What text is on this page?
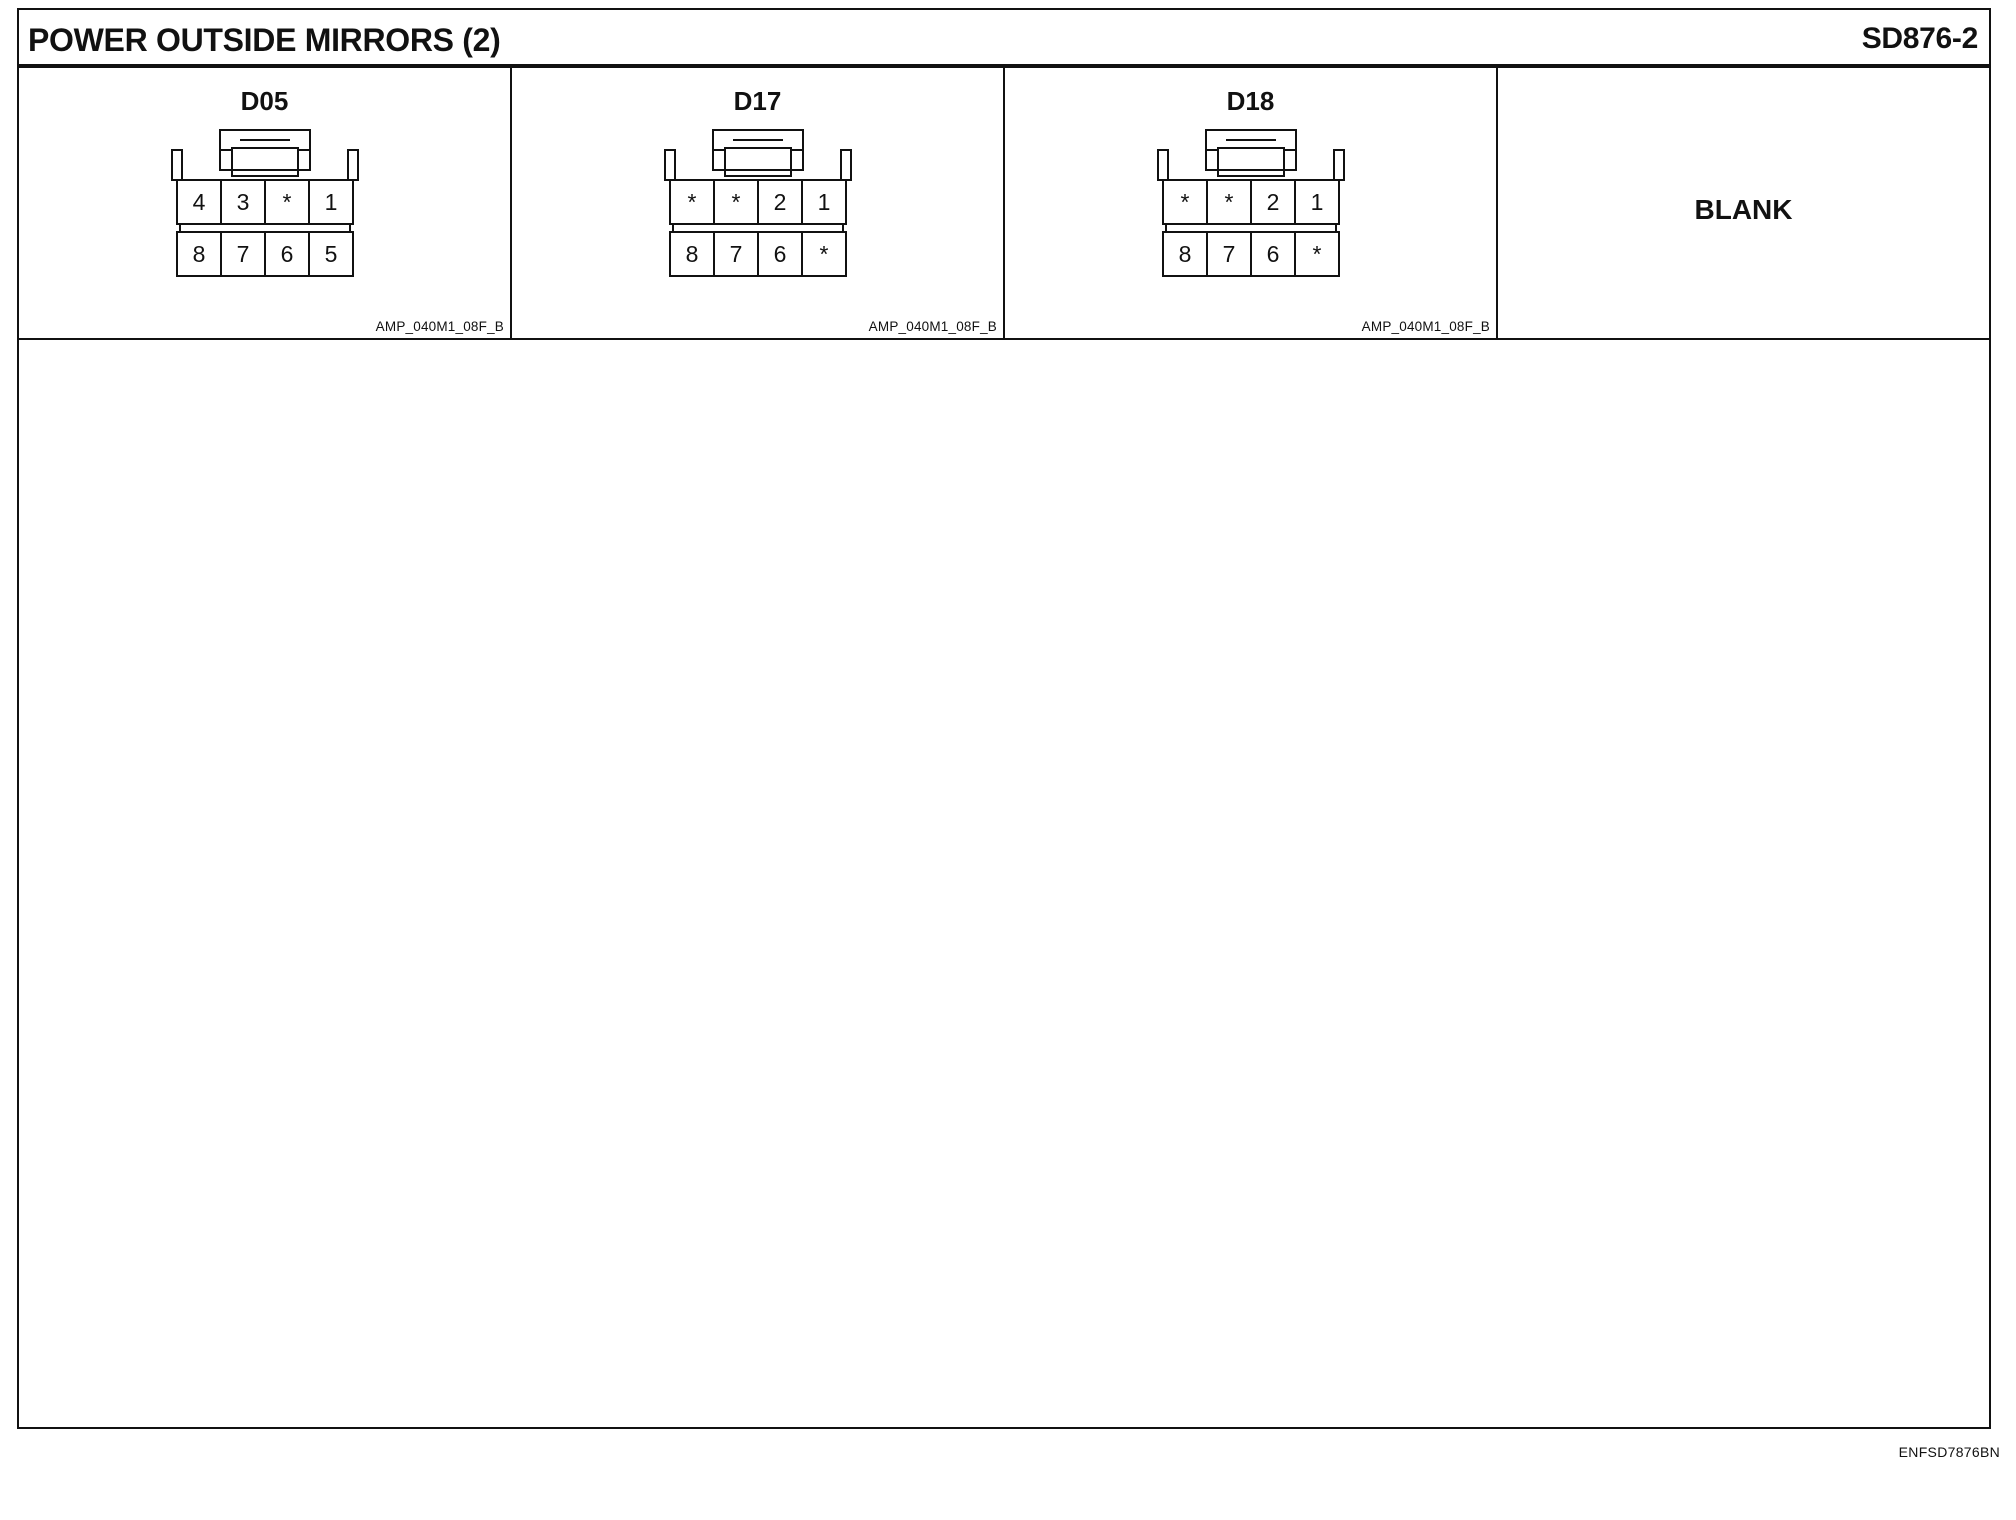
POWER OUTSIDE MIRRORS (2)	SD876-2
D05
4 3 * 1
8 7 6 5
AMP_040M1_08F_B
D17
* * 2 1
8 7 6 *
AMP_040M1_08F_B
D18
* * 2 1
8 7 6 *
AMP_040M1_08F_B
BLANK
ENFSD7876BN
